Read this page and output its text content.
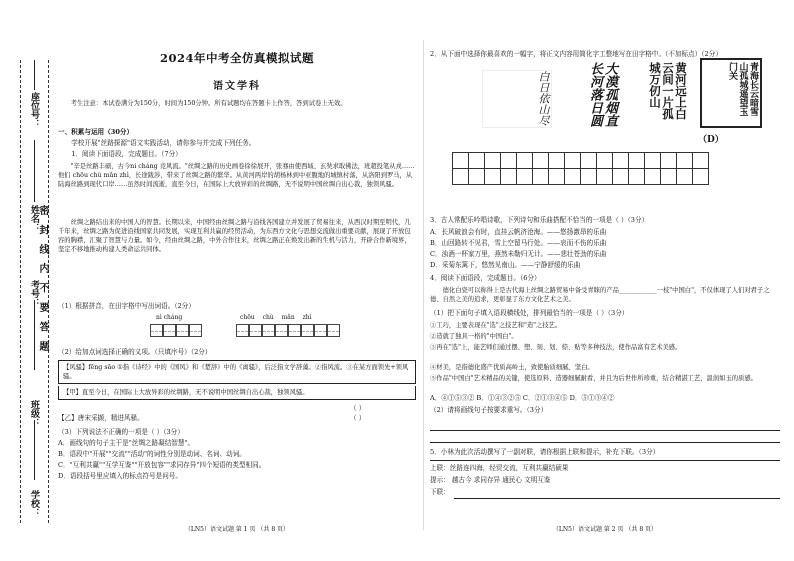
座位号：
姓名：
考号：
班级：
学校：
密 封 线 内 不 要 答 题
2024年中考全仿真模拟试题
语文学科
考生注意：本试卷满分为150分，时间为150分钟。所有试题均在答题卡上作答，答到试卷上无效。
一、积累与运用（30分）
学校开展"丝路探源"语文实践活动，请你参与并完成下列任务。
1．阅读下面语段，完成题目。（7分）
"辛是丝路丰硕，古今ni cháng 竞风流。"丝绸之路的历史画卷徐徐展开，张骞由使西域、玄奘求取佛法，班超投笔从戎……他们 chōu chù mǎn zhì，长途跋涉，带来了丝绸之路的繁华。从黄河两岸的胡杨林到中亚腹地的城镇村落，从洛阳到罗马，从陆海丝路到现代口岸……虽然时间流逝，直至今日，在国际上大放异彩的丝绸路，无不说明中国丝绸自出心裁，独领风骚。
丝绸之路结出来的中国人的智慧。长期以来，中国经由丝绸之路与沿线各国建立并发展了贸易往来，从西汉时期至明代，几千年来，丝绸之路为促进沿线国家共同发展，实现互利共赢的经贸活动，为东西方文化与思想交流做出重要贡献，展现了开放包容的胸襟，汇聚了智慧与力量。如今，经由丝绸之路，中外合作往来，丝绸之路正在焕发出新的生机与活力，开辟合作新境界，坚定不移地推动构建人类命运共同体。
（1）根据拼音，在田字格中写出词语。（2分）
nì cháng	chōu chù mǎn zhì
（2）给加点词选择正确的义项。（只填序号）（2分）
【风骚】fēng sāo ①指《诗经》中的《国风》和《楚辞》中的《离骚》，后泛指文学辞藻。②指风流。③在某方面领先+领风骚。
【甲】直至今日，在国际上大放异彩的丝绸路，无不说明中国丝绸自出心裁，独领风骚。
（ ）
【乙】唐宋采撷，精进风骚。	（ ）
（3）下列说法不正确的一项是（ ）（3分）
A．画线句的句子主干是"丝绸之路凝结智慧"。
B．语段中"开展""交流""活动"的词性分别是动词、名词、动词。
C．"互利共赢""互学互鉴""开放包容""求同存异"四个短语的类型相同。
D．语段括号里应填入的标点符号是问号。
（LN5）语文试题 第 1 页 （共 8 页）
2．从下面中选择你最喜欢的一幅字，将正文内容用简化字工整地写在田字格中。（不加标点）（2分）
白日依山尽	大漠孤烟直长河落日圆	黄河远上白云间一片孤城万仞山	青海长云暗雪山孤城遥望玉门关
（D）
3．古人常配乐吟唱诗歌，下列诗句和乐曲搭配不恰当的一项是（ ）（3分）
A．长风破浪会有时，直挂云帆济沧海。——悠扬激昂的乐曲
B．山回路转不见君，雪上空留马行处。——哀而不伤的乐曲
C．浊酒一杯家万里，燕然未勒归无计。——悲壮苍劲的乐曲
D．采菊东篱下，悠然见南山。——宁静舒缓的乐曲
4．阅读下面语段，完成题目。（6分）
德化白瓷可以称得上是古代海上丝绸之路贸易中备受青睐的产品____________一枝"中国白"，不仅体现了人们对君子之德、自然之美的追求，更彰显了东方文化艺术之美。
（1）把下面句子填入语段横线处，排列最恰当的一项是（ ）（3分）
①工巧，主要表现在"选"之技艺和"造"之技艺。
②造就了独具一格的"中国白"。
③再在"选"上，能艺师们通过摆、塑、刻、划、捺、贴等多种技法，使作品富有艺术美感。
④材美，是指德化盛产优质高岭土，致使胎质细腻、坚白。
⑤作品"中国白"艺术精品的关键，使选原料、造器细腻耐看，并且为后世作所珍重，结合精湛工艺，温润如玉的质感。
A．④①⑤③② B．①④③②⑤ C．②①③④⑤ D．⑤①③④②
（2）请将画线句子按要求重写。（3分）
5．小林为此次活动撰写了一副对联，请你根据上联和提示，补充下联。（3分）
上联：丝路连四海，经贸交流，互利共赢结硕果
提示： 越古今 求同存异 通民心 文明互鉴
下联：
（LN5）语文试题 第 2 页 （共 8 页）
